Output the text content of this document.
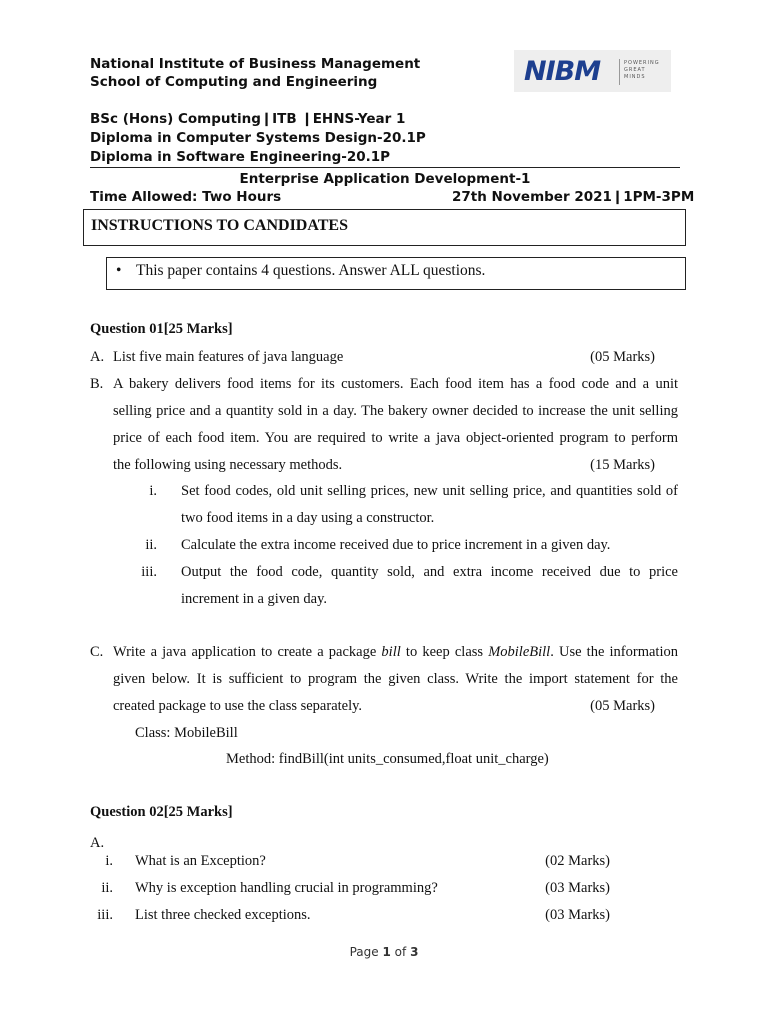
National Institute of Business Management
School of Computing and Engineering
BSc (Hons) Computing❙ITB ❙EHNS-Year 1
Diploma in Computer Systems Design-20.1P
Diploma in Software Engineering-20.1P
NIBM	POWERING
GREAT
MINDS
Enterprise Application Development-1
Time Allowed: Two Hours	27th November 2021❙1PM-3PM
INSTRUCTIONS TO CANDIDATES
• This paper contains 4 questions. Answer ALL questions.
Question 01[25 Marks]
A. List five main features of java language	(05 Marks)
B. A bakery delivers food items for its customers. Each food item has a food code and a unit
selling price and a quantity sold in a day. The bakery owner decided to increase the unit selling
price of each food item. You are required to write a java object-oriented program to perform
the following using necessary methods.	(15 Marks)
i. Set food codes, old unit selling prices, new unit selling price, and quantities sold of
two food items in a day using a constructor.
ii. Calculate the extra income received due to price increment in a given day.
iii. Output the food code, quantity sold, and extra income received due to price
increment in a given day.
C. Write a java application to create a package bill to keep class MobileBill. Use the information
given below. It is sufficient to program the given class. Write the import statement for the
created package to use the class separately.	(05 Marks)
Class: MobileBill
Method: findBill(int units_consumed,float unit_charge)
Question 02[25 Marks]
A.
i. What is an Exception?	(02 Marks)
ii. Why is exception handling crucial in programming?	(03 Marks)
iii. List three checked exceptions.	(03 Marks)
Page 1 of 3
